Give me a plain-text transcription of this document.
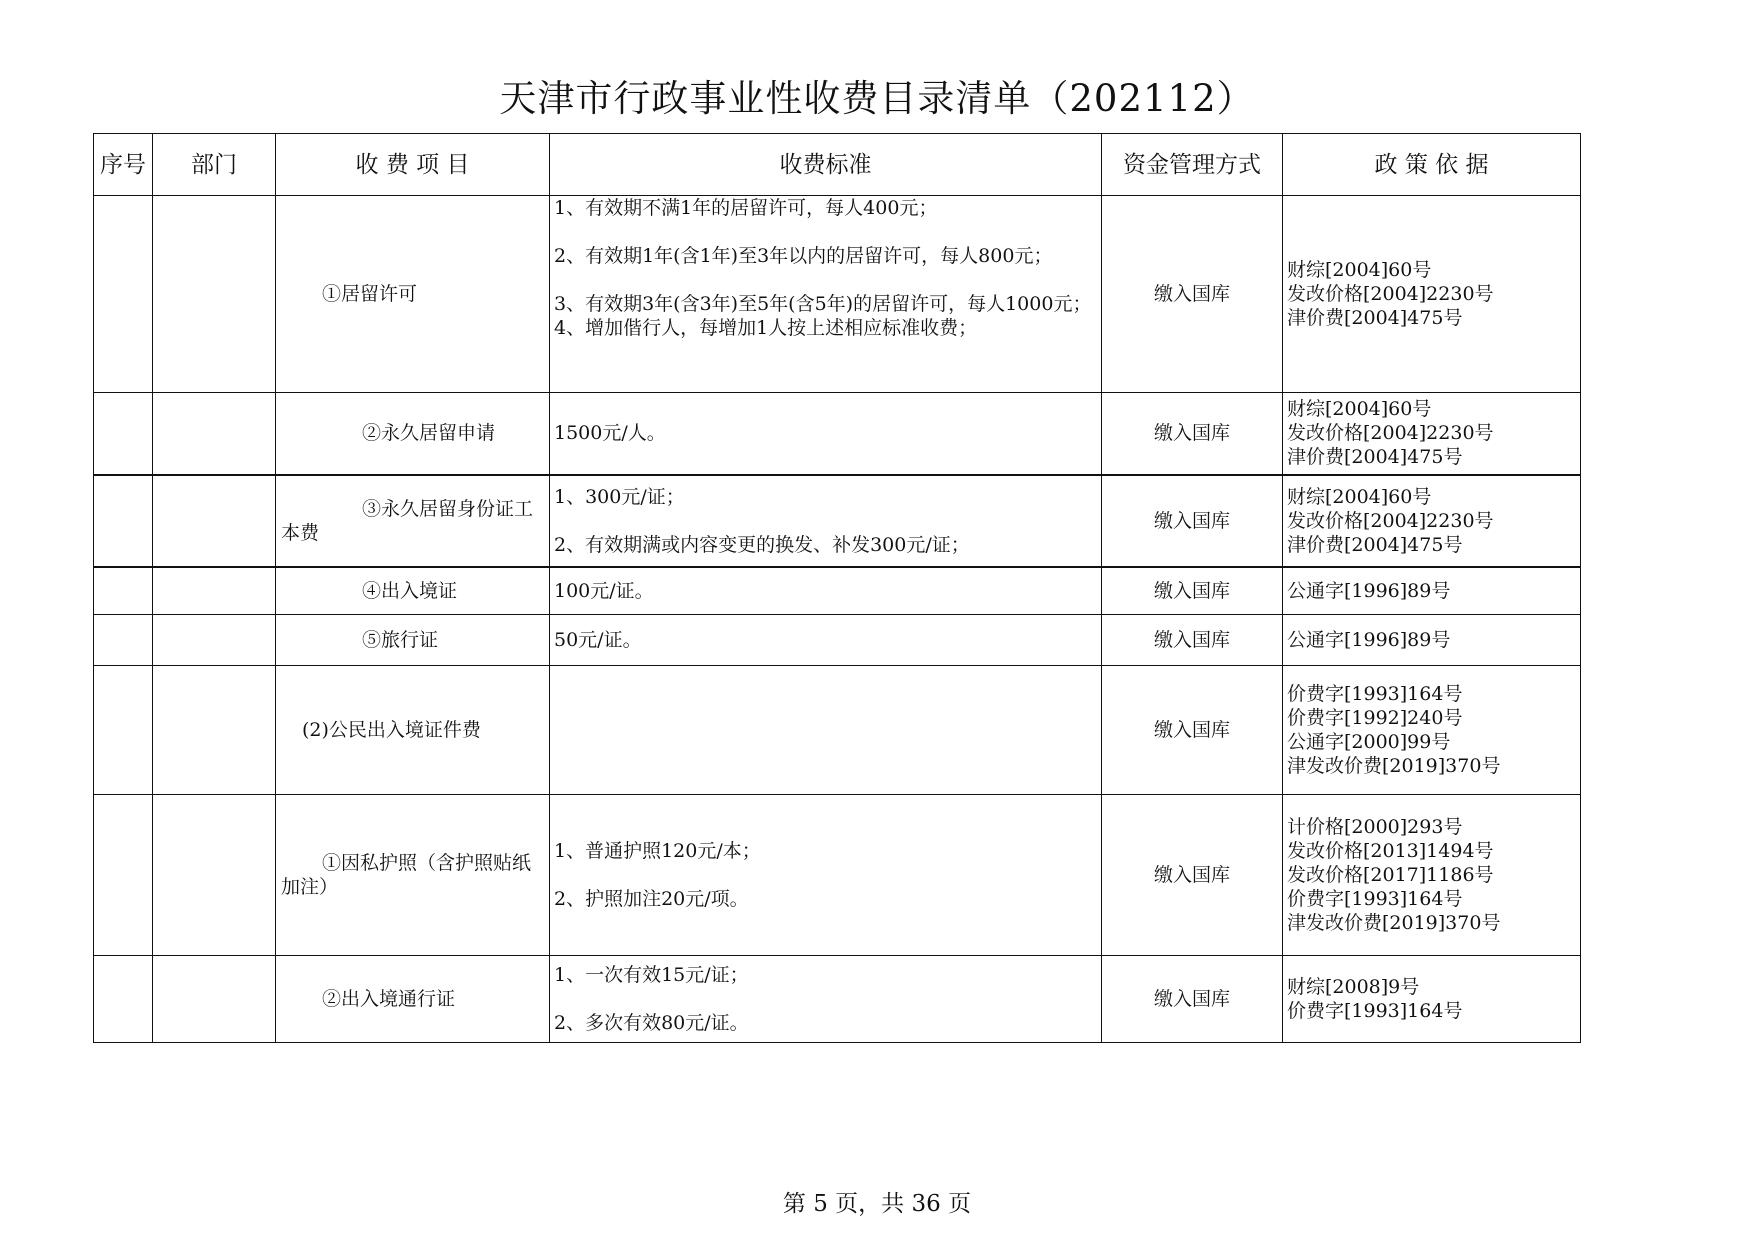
天津市行政事业性收费目录清单（202112）
序号	部门	收 费 项 目	收费标准	资金管理方式	政 策 依 据

		①居留许可	1、有效期不满1年的居留许可，每人400元；
2、有效期1年(含1年)至3年以内的居留许可，每人800元；
3、有效期3年(含3年)至5年(含5年)的居留许可，每人1000元；
4、增加偕行人，每增加1人按上述相应标准收费；	缴入国库	财综[2004]60号
发改价格[2004]2230号
津价费[2004]475号

		②永久居留申请	1500元/人。	缴入国库	财综[2004]60号
发改价格[2004]2230号
津价费[2004]475号

		③永久居留身份证工本费	1、300元/证；
2、有效期满或内容变更的换发、补发300元/证；	缴入国库	财综[2004]60号
发改价格[2004]2230号
津价费[2004]475号

		④出入境证	100元/证。	缴入国库	公通字[1996]89号

		⑤旅行证	50元/证。	缴入国库	公通字[1996]89号

		(2)公民出入境证件费		缴入国库	价费字[1993]164号
价费字[1992]240号
公通字[2000]99号
津发改价费[2019]370号

		①因私护照（含护照贴纸加注）	1、普通护照120元/本；
2、护照加注20元/项。	缴入国库	计价格[2000]293号
发改价格[2013]1494号
发改价格[2017]1186号
价费字[1993]164号
津发改价费[2019]370号

		②出入境通行证	1、一次有效15元/证；
2、多次有效80元/证。	缴入国库	财综[2008]9号
价费字[1993]164号
第 5 页，共 36 页
